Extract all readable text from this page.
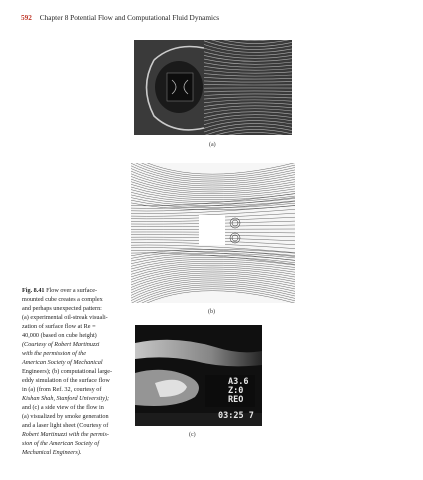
592 Chapter 8 Potential Flow and Computational Fluid Dynamics
(a)
(b)
A3.6
Z:0
REO
03:25 7
(c)
Fig. 8.41 Flow over a surface-
mounted cube creates a complex
and perhaps unexpected pattern:
(a) experimental oil-streak visuali-
zation of surface flow at Re =
40,000 (based on cube height)
(Courtesy of Robert Martinuzzi
with the permission of the
American Society of Mechanical
Engineers); (b) computational large-
eddy simulation of the surface flow
in (a) (from Ref. 32, courtesy of
Kishan Shah, Stanford University);
and (c) a side view of the flow in
(a) visualized by smoke generation
and a laser light sheet (Courtesy of
Robert Martinuzzi with the permis-
sion of the American Society of
Mechanical Engineers).
